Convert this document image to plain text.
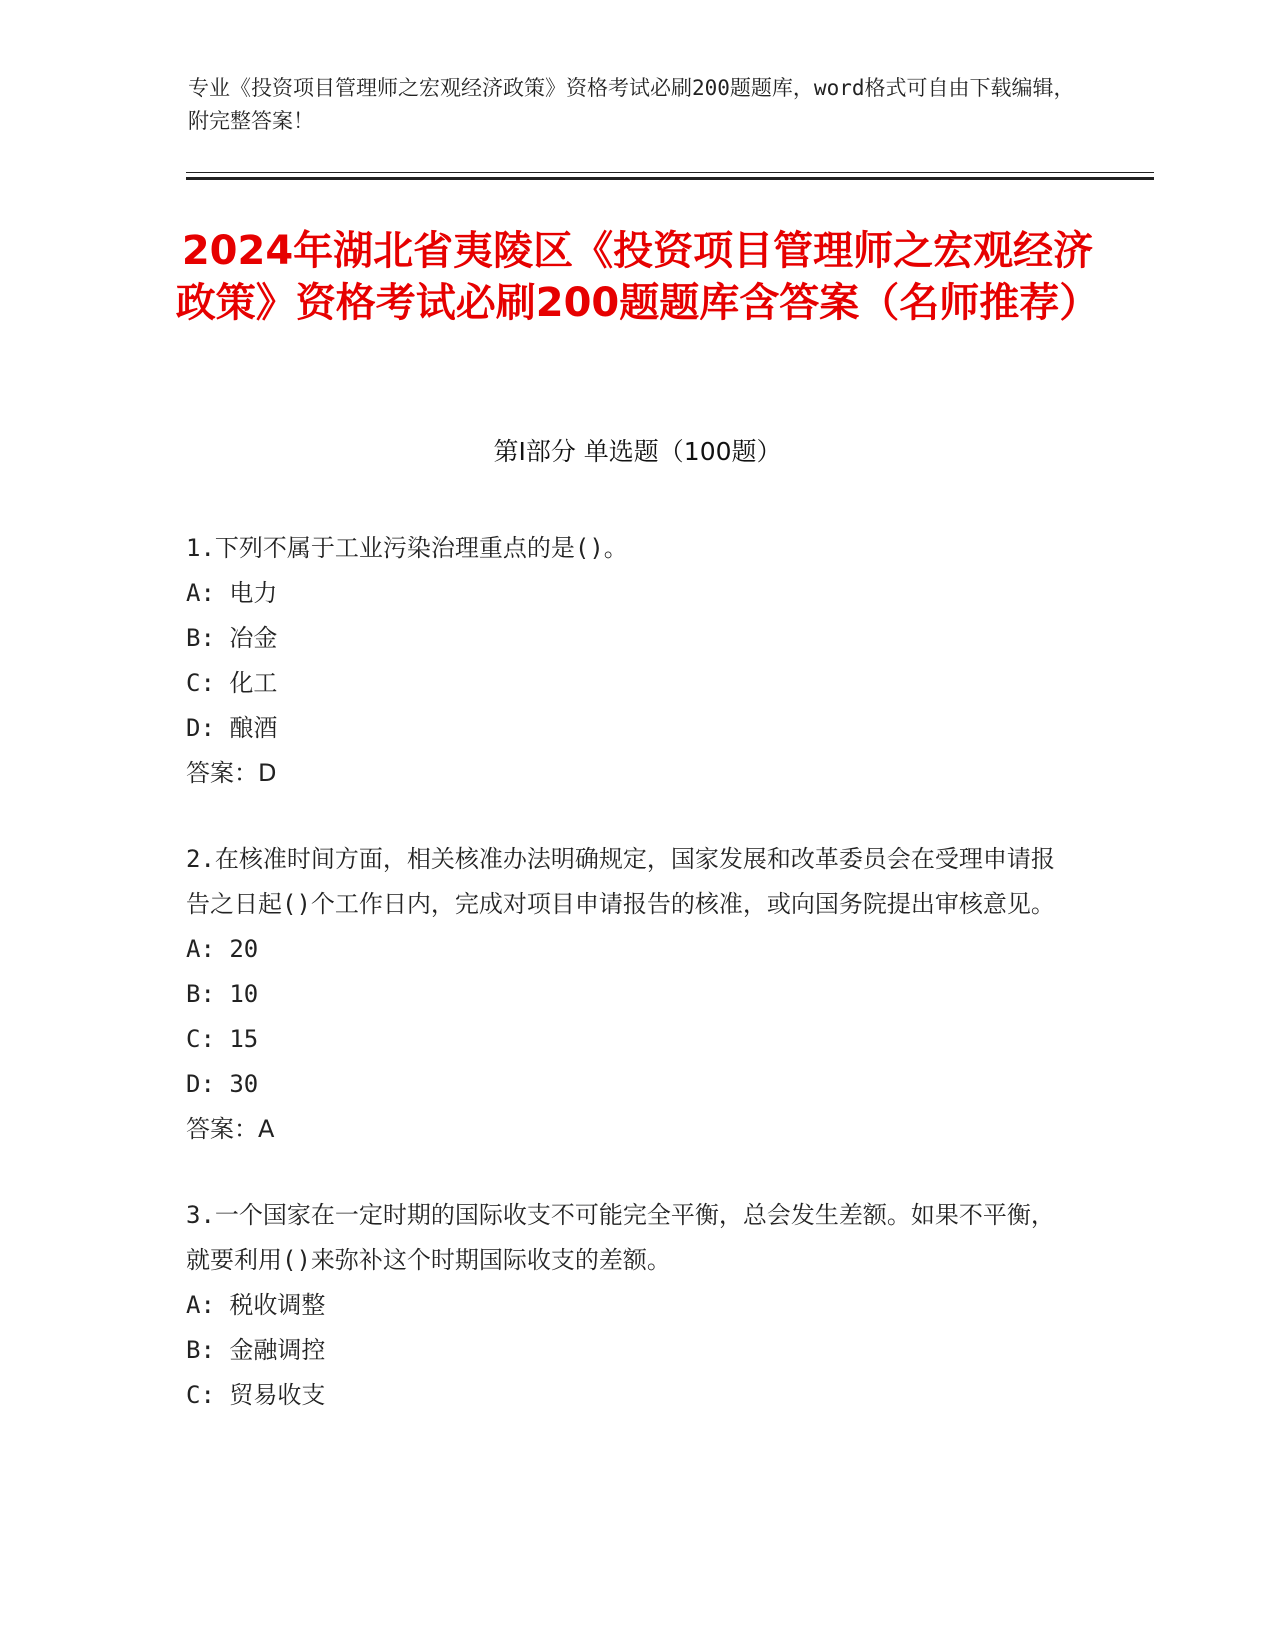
专业《投资项目管理师之宏观经济政策》资格考试必刷200题题库，word格式可自由下载编辑，附完整答案！
2024年湖北省夷陵区《投资项目管理师之宏观经济政策》资格考试必刷200题题库含答案（名师推荐）
第Ⅰ部分 单选题（100题）
1.下列不属于工业污染治理重点的是()。
A: 电力
B: 冶金
C: 化工
D: 酿酒
答案：D
2.在核准时间方面，相关核准办法明确规定，国家发展和改革委员会在受理申请报告之日起()个工作日内，完成对项目申请报告的核准，或向国务院提出审核意见。
A: 20
B: 10
C: 15
D: 30
答案：A
3.一个国家在一定时期的国际收支不可能完全平衡，总会发生差额。如果不平衡，就要利用()来弥补这个时期国际收支的差额。
A: 税收调整
B: 金融调控
C: 贸易收支
